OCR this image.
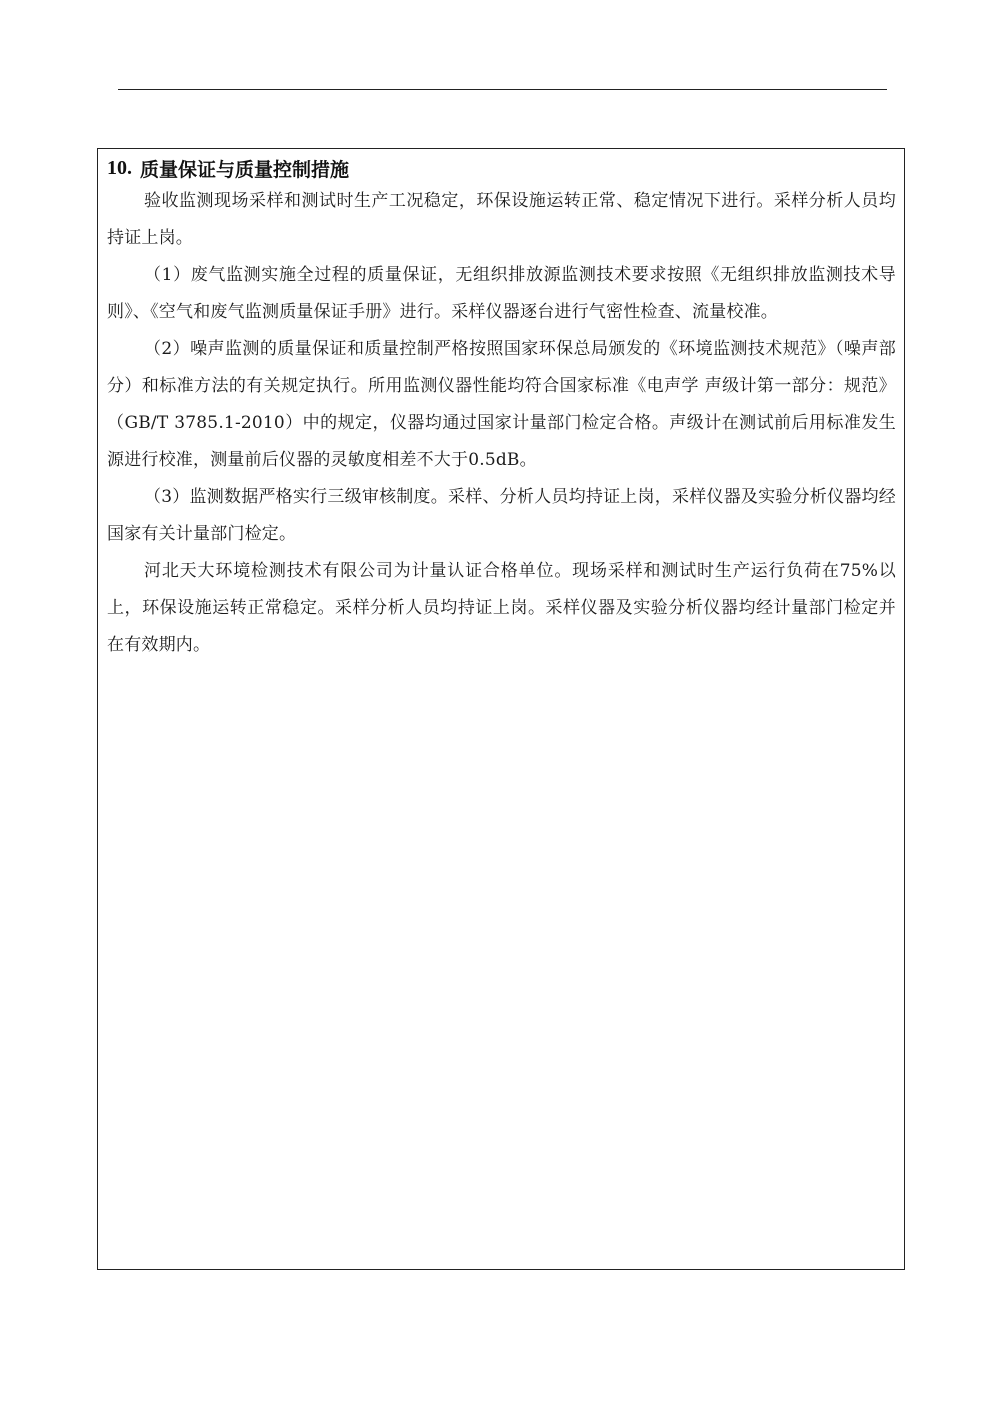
10. 质量保证与质量控制措施

验收监测现场采样和测试时生产工况稳定，环保设施运转正常、稳定情况下进行。采样分析人员均持证上岗。

（1）废气监测实施全过程的质量保证，无组织排放源监测技术要求按照《无组织排放监测技术导则》、《空气和废气监测质量保证手册》进行。采样仪器逐台进行气密性检查、流量校准。

（2）噪声监测的质量保证和质量控制严格按照国家环保总局颁发的《环境监测技术规范》（噪声部分）和标准方法的有关规定执行。所用监测仪器性能均符合国家标准《电声学 声级计第一部分：规范》（GB/T 3785.1-2010）中的规定，仪器均通过国家计量部门检定合格。声级计在测试前后用标准发生源进行校准，测量前后仪器的灵敏度相差不大于0.5dB。

（3）监测数据严格实行三级审核制度。采样、分析人员均持证上岗，采样仪器及实验分析仪器均经国家有关计量部门检定。

河北天大环境检测技术有限公司为计量认证合格单位。现场采样和测试时生产运行负荷在75%以上，环保设施运转正常稳定。采样分析人员均持证上岗。采样仪器及实验分析仪器均经计量部门检定并在有效期内。
